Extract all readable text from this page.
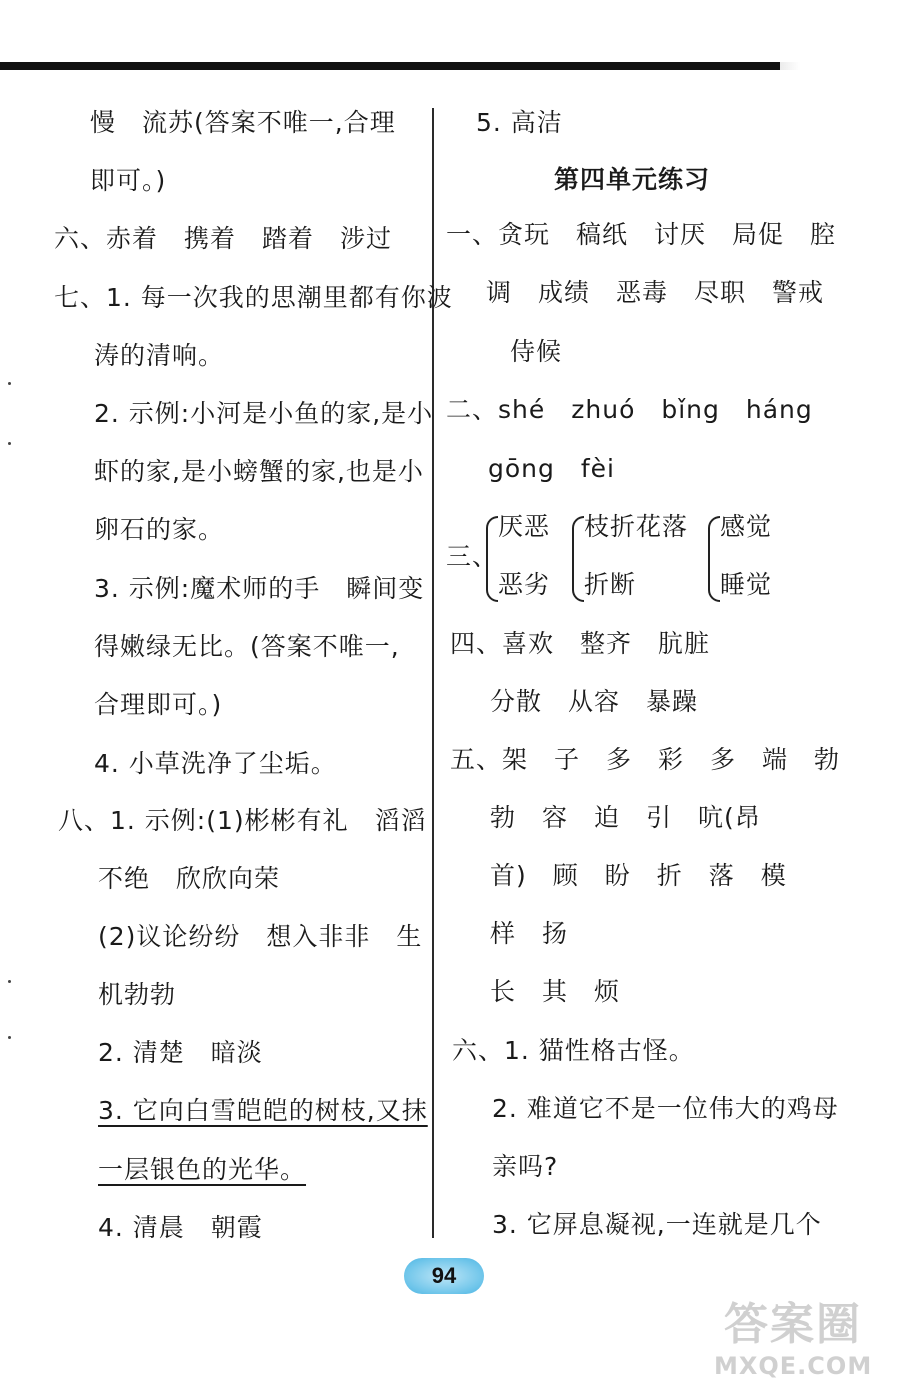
慢　流苏(答案不唯一,合理
即可。)
六、赤着　携着　踏着　涉过
七、1. 每一次我的思潮里都有你波
涛的清响。
2. 示例:小河是小鱼的家,是小
虾的家,是小螃蟹的家,也是小
卵石的家。
3. 示例:魔术师的手　瞬间变
得嫩绿无比。(答案不唯一,
合理即可。)
4. 小草洗净了尘垢。
八、1. 示例:(1)彬彬有礼　滔滔
不绝　欣欣向荣
(2)议论纷纷　想入非非　生
机勃勃
2. 清楚　暗淡
3. 它向白雪皑皑的树枝,又抹
一层银色的光华。
4. 清晨　朝霞
5. 高洁
第四单元练习
一、贪玩　稿纸　讨厌　局促　腔
调　成绩　恶毒　尽职　警戒
侍候
二、shé　zhuó　bǐng　háng
gōng　fèi
三、
厌恶
恶劣
枝折花落
折断
感觉
睡觉
四、喜欢　整齐　肮脏
分散　从容　暴躁
五、架　子　多　彩　多　端　勃
勃　容　迫　引　吭(昂
首)　顾　盼　折　落　模
样　扬
长　其　烦
六、1. 猫性格古怪。
2. 难道它不是一位伟大的鸡母
亲吗?
3. 它屏息凝视,一连就是几个
94
答案圈
MXQE.COM
